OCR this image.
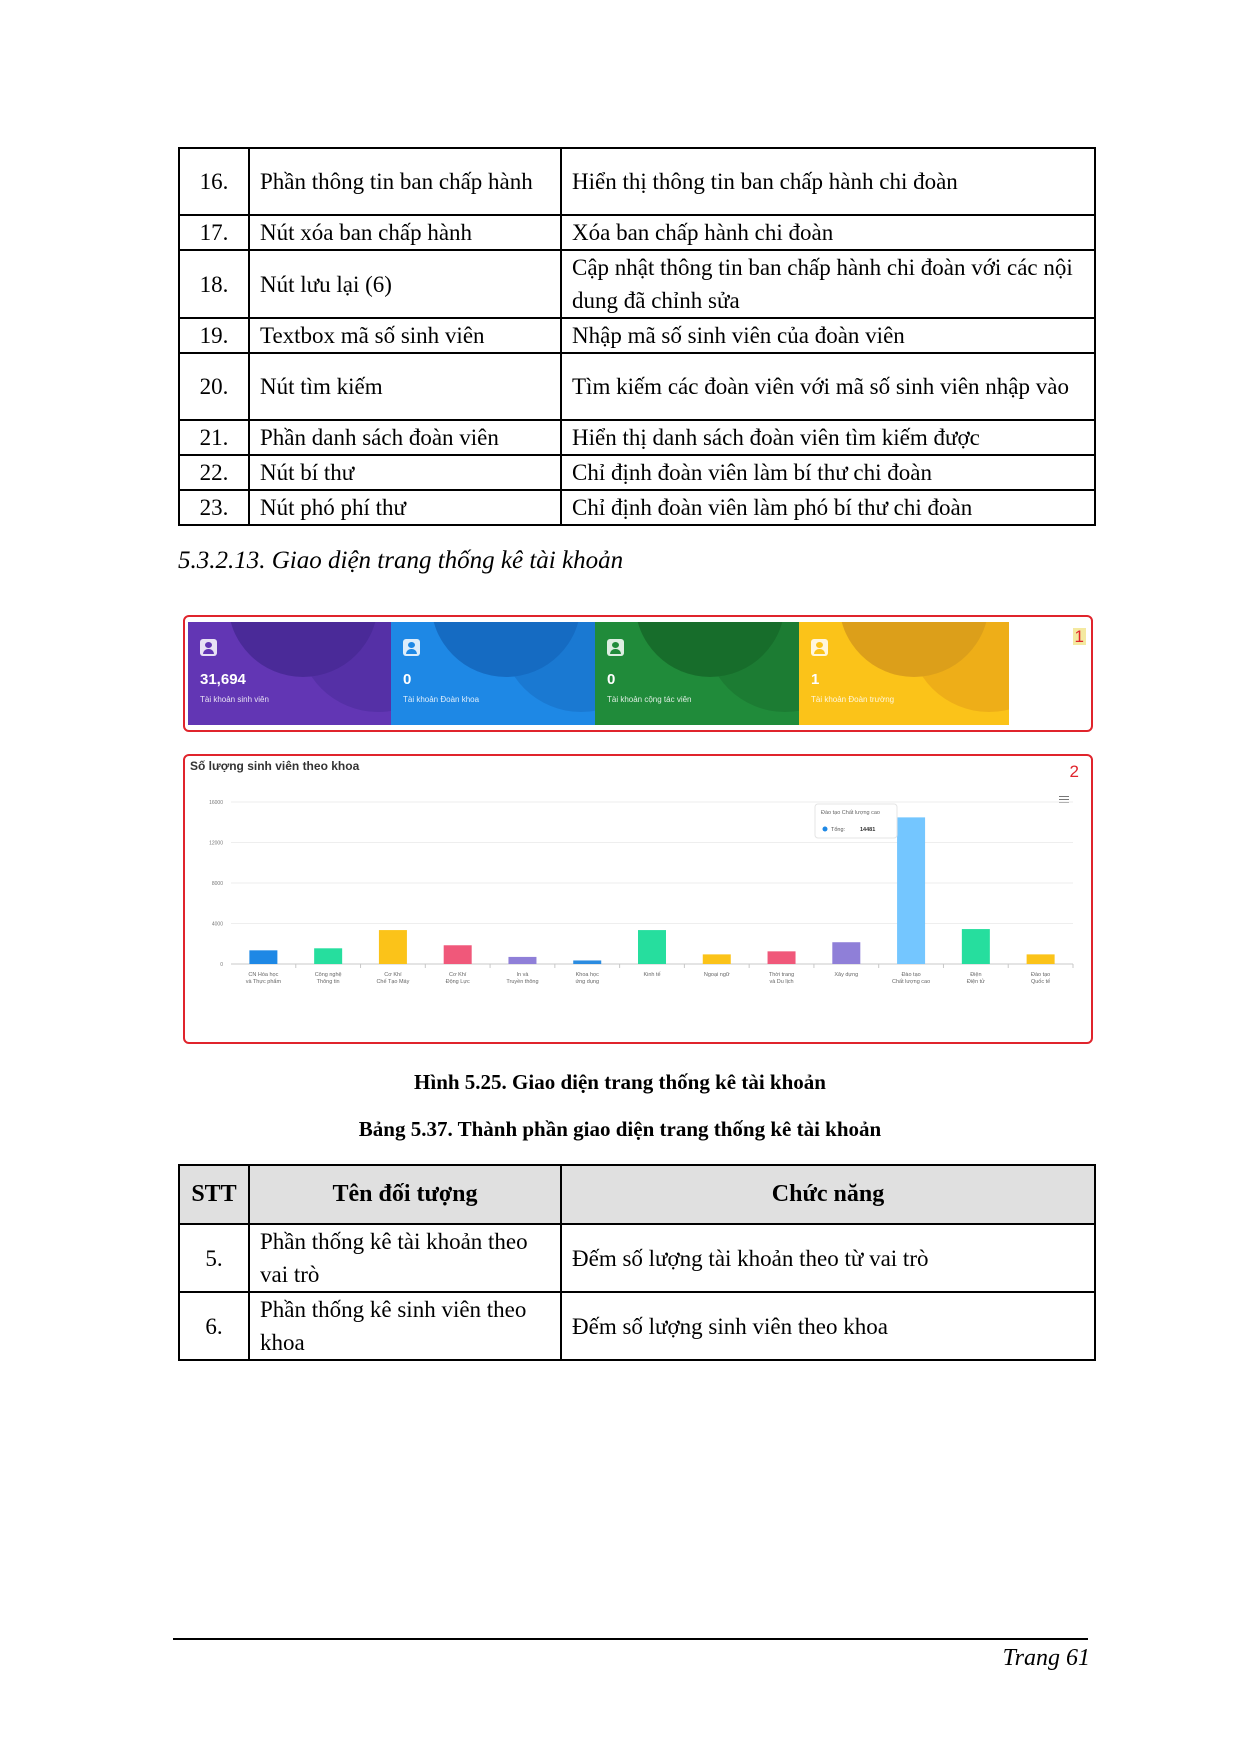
16.	Phần thông tin ban chấp hành	Hiển thị thông tin ban chấp hành chi đoàn
17.	Nút xóa ban chấp hành	Xóa ban chấp hành chi đoàn
18.	Nút lưu lại (6)	Cập nhật thông tin ban chấp hành chi đoàn với các nội dung đã chỉnh sửa
19.	Textbox mã số sinh viên	Nhập mã số sinh viên của đoàn viên
20.	Nút tìm kiếm	Tìm kiếm các đoàn viên với mã số sinh viên nhập vào
21.	Phần danh sách đoàn viên	Hiển thị danh sách đoàn viên tìm kiếm được
22.	Nút bí thư	Chỉ định đoàn viên làm bí thư chi đoàn
23.	Nút phó phí thư	Chỉ định đoàn viên làm phó bí thư chi đoàn

5.3.2.13. Giao diện trang thống kê tài khoản

31,694
Tài khoản sinh viên
0
Tài khoản Đoàn khoa
0
Tài khoản cộng tác viên
1
Tài khoản Đoàn trường
1
Số lượng sinh viên theo khoa	2
0
4000
8000
12000
16000
CN Hóa học
và Thực phẩm
Công nghệ
Thông tin
Cơ Khí
Chế Tạo Máy
Cơ Khí
Động Lực
In và
Truyền thông
Khoa học
ứng dụng
Kinh tế	Ngoại ngữ	Thời trang
và Du lịch
Xây dựng	Đào tạo
Chất lượng cao
Điện
Điện tử
Đào tạo
Quốc tế
Đào tạo Chất lượng cao
Tổng:	14481

Hình 5.25. Giao diện trang thống kê tài khoản

Bảng 5.37. Thành phần giao diện trang thống kê tài khoản

STT	Tên đối tượng	Chức năng
5.	Phần thống kê tài khoản theo vai trò	Đếm số lượng tài khoản theo từ vai trò
6.	Phần thống kê sinh viên theo khoa	Đếm số lượng sinh viên theo khoa

Trang 61
